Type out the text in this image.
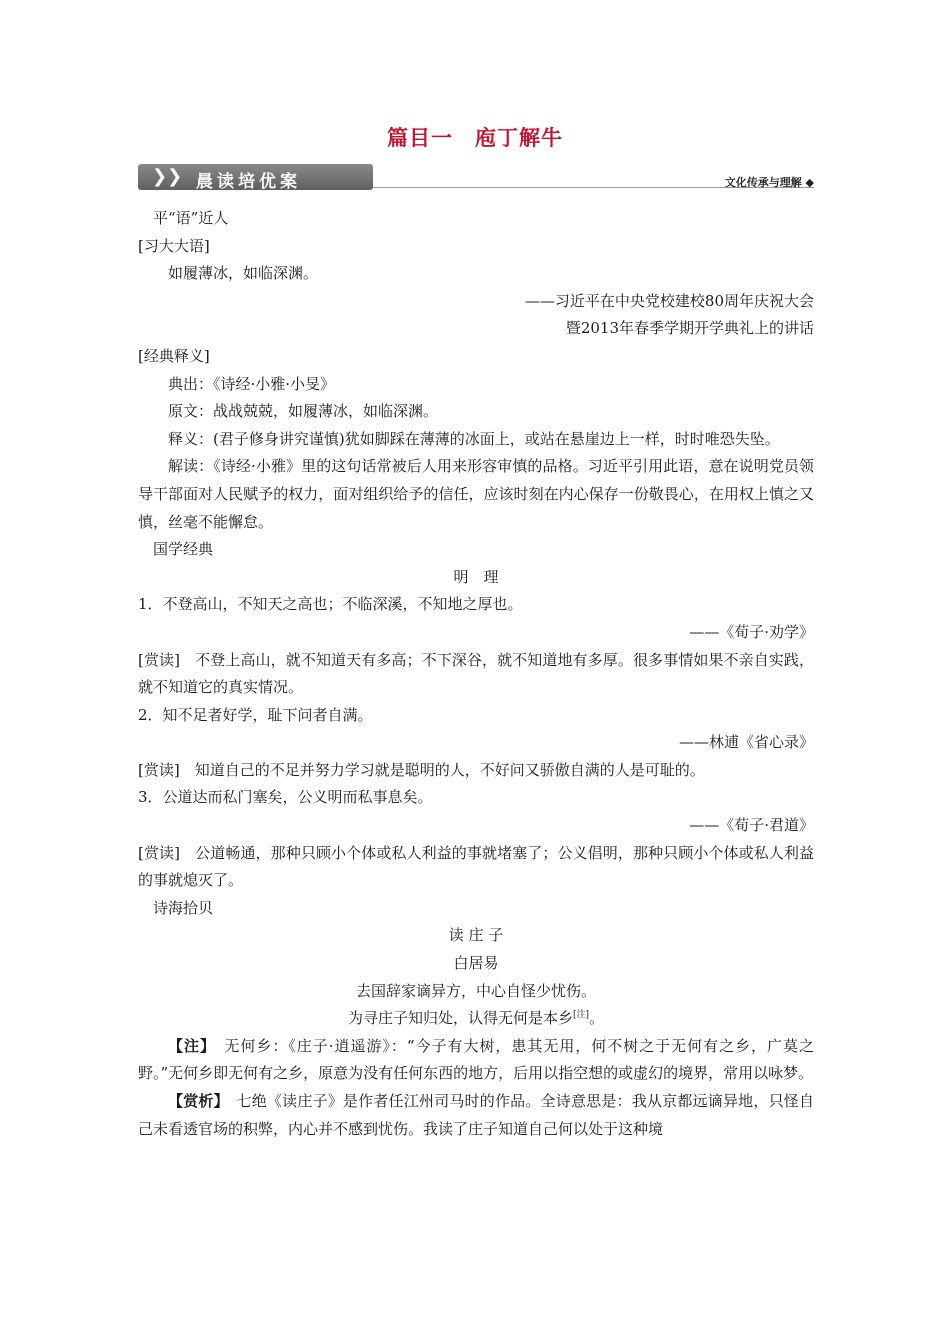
篇目一 庖丁解牛
❯❯ 晨读培优案	文化传承与理解 ◆

平“语”近人

[习大大语]

如履薄冰，如临深渊。

——习近平在中央党校建校80周年庆祝大会

暨2013年春季学期开学典礼上的讲话

[经典释义]

典出：《诗经·小雅·小旻》

原文：战战兢兢，如履薄冰，如临深渊。

释义：(君子修身讲究谨慎)犹如脚踩在薄薄的冰面上，或站在悬崖边上一样，时时唯恐失坠。

解读：《诗经·小雅》里的这句话常被后人用来形容审慎的品格。习近平引用此语，意在说明党员领导干部面对人民赋予的权力，面对组织给予的信任，应该时刻在内心保存一份敬畏心，在用权上慎之又慎，丝毫不能懈怠。

国学经典

明　理

1．不登高山，不知天之高也；不临深溪，不知地之厚也。

——《荀子·劝学》

[赏读]　不登上高山，就不知道天有多高；不下深谷，就不知道地有多厚。很多事情如果不亲自实践，就不知道它的真实情况。

2．知不足者好学，耻下问者自满。

——林逋《省心录》

[赏读]　知道自己的不足并努力学习就是聪明的人，不好问又骄傲自满的人是可耻的。

3．公道达而私门塞矣，公义明而私事息矣。

——《荀子·君道》

[赏读]　公道畅通，那种只顾小个体或私人利益的事就堵塞了；公义倡明，那种只顾小个体或私人利益的事就熄灭了。

诗海拾贝

读 庄 子

白居易

去国辞家谪异方，中心自怪少忧伤。

为寻庄子知归处，认得无何是本乡[注]。

【注】　无何乡：《庄子·逍遥游》：“今子有大树，患其无用，何不树之于无何有之乡，广莫之野。”无何乡即无何有之乡，原意为没有任何东西的地方，后用以指空想的或虚幻的境界，常用以咏梦。

【赏析】　七绝《读庄子》是作者任江州司马时的作品。全诗意思是：我从京都远谪异地，只怪自己未看透官场的积弊，内心并不感到忧伤。我读了庄子知道自己何以处于这种境
